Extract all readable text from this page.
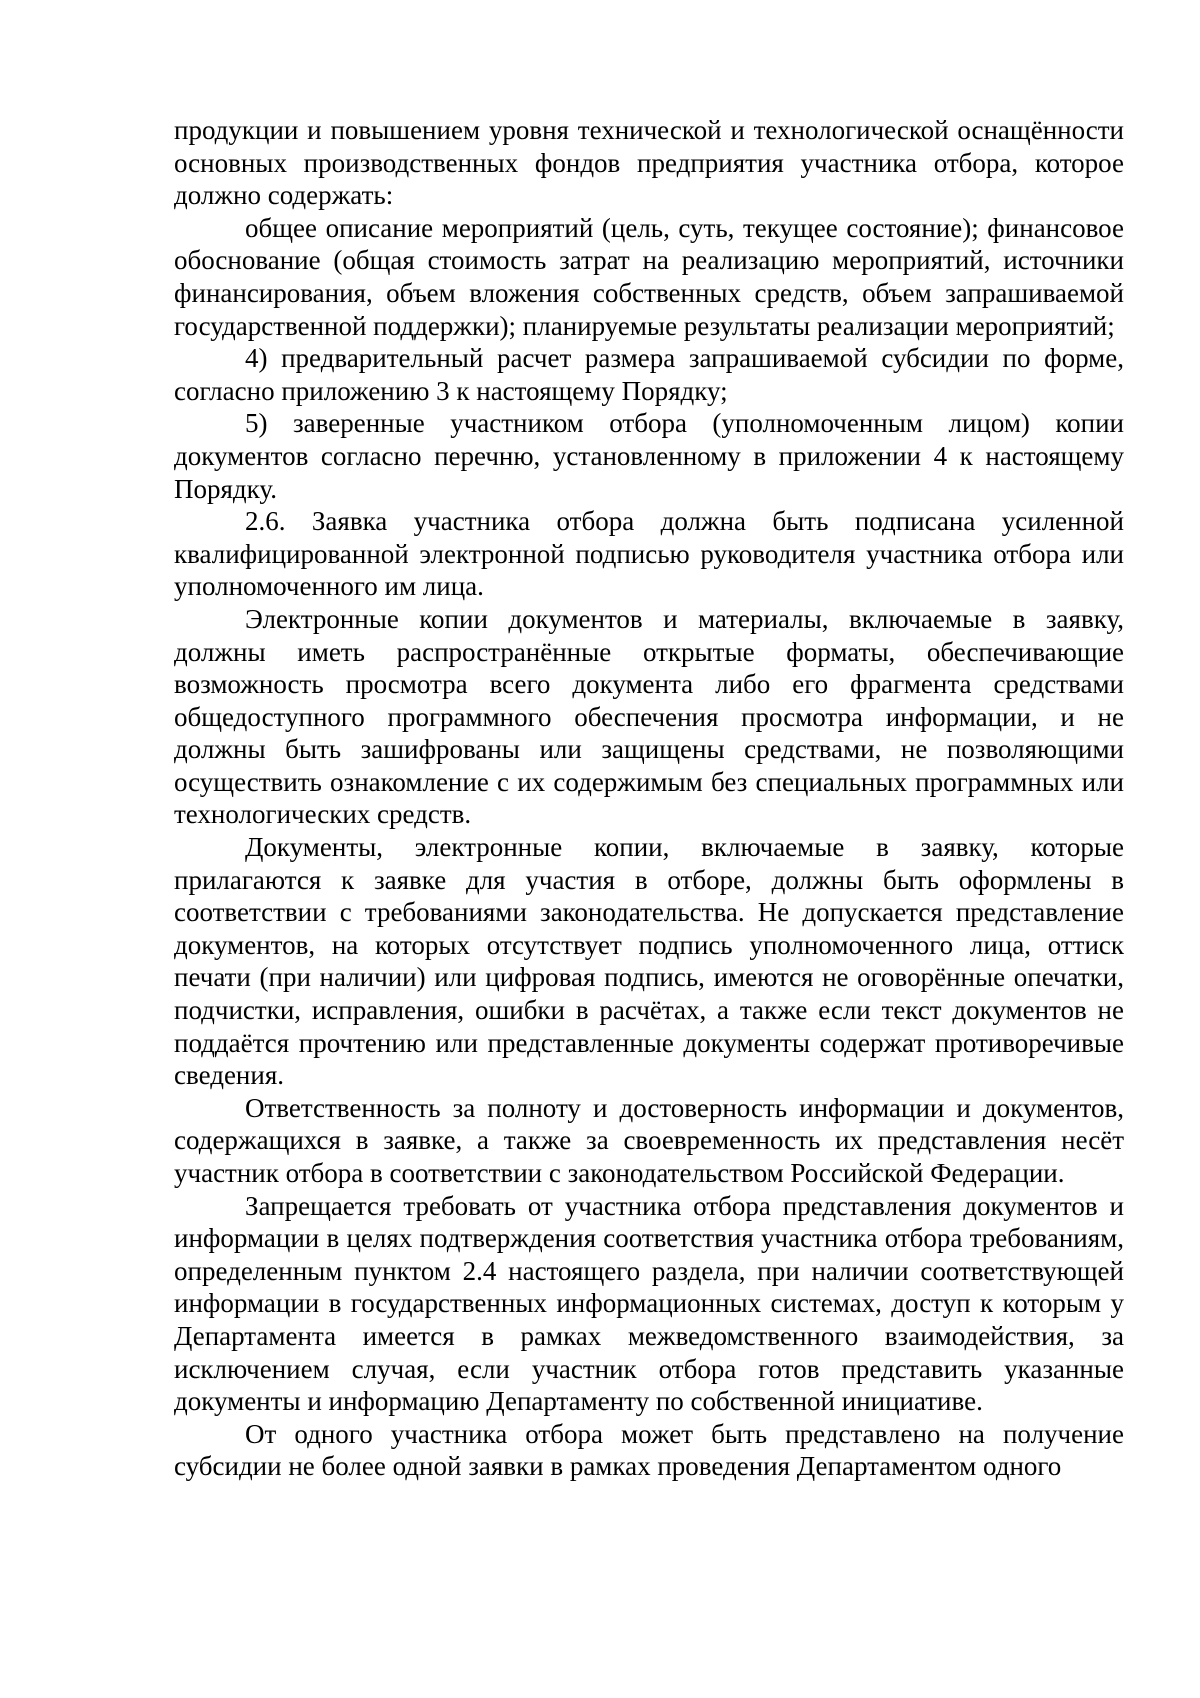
продукции и повышением уровня технической и технологической оснащённости основных производственных фондов предприятия участника отбора, которое должно содержать:

общее описание мероприятий (цель, суть, текущее состояние); финансовое обоснование (общая стоимость затрат на реализацию мероприятий, источники финансирования, объем вложения собственных средств, объем запрашиваемой государственной поддержки); планируемые результаты реализации мероприятий;

4) предварительный расчет размера запрашиваемой субсидии по форме, согласно приложению 3 к настоящему Порядку;

5) заверенные участником отбора (уполномоченным лицом) копии документов согласно перечню, установленному в приложении 4 к настоящему Порядку.

2.6. Заявка участника отбора должна быть подписана усиленной квалифицированной электронной подписью руководителя участника отбора или уполномоченного им лица.

Электронные копии документов и материалы, включаемые в заявку, должны иметь распространённые открытые форматы, обеспечивающие возможность просмотра всего документа либо его фрагмента средствами общедоступного программного обеспечения просмотра информации, и не должны быть зашифрованы или защищены средствами, не позволяющими осуществить ознакомление с их содержимым без специальных программных или технологических средств.

Документы, электронные копии, включаемые в заявку, которые прилагаются к заявке для участия в отборе, должны быть оформлены в соответствии с требованиями законодательства. Не допускается представление документов, на которых отсутствует подпись уполномоченного лица, оттиск печати (при наличии) или цифровая подпись, имеются не оговорённые опечатки, подчистки, исправления, ошибки в расчётах, а также если текст документов не поддаётся прочтению или представленные документы содержат противоречивые сведения.

Ответственность за полноту и достоверность информации и документов, содержащихся в заявке, а также за своевременность их представления несёт участник отбора в соответствии с законодательством Российской Федерации.

Запрещается требовать от участника отбора представления документов и информации в целях подтверждения соответствия участника отбора требованиям, определенным пунктом 2.4 настоящего раздела, при наличии соответствующей информации в государственных информационных системах, доступ к которым у Департамента имеется в рамках межведомственного взаимодействия, за исключением случая, если участник отбора готов представить указанные документы и информацию Департаменту по собственной инициативе.

От одного участника отбора может быть представлено на получение субсидии не более одной заявки в рамках проведения Департаментом одного
